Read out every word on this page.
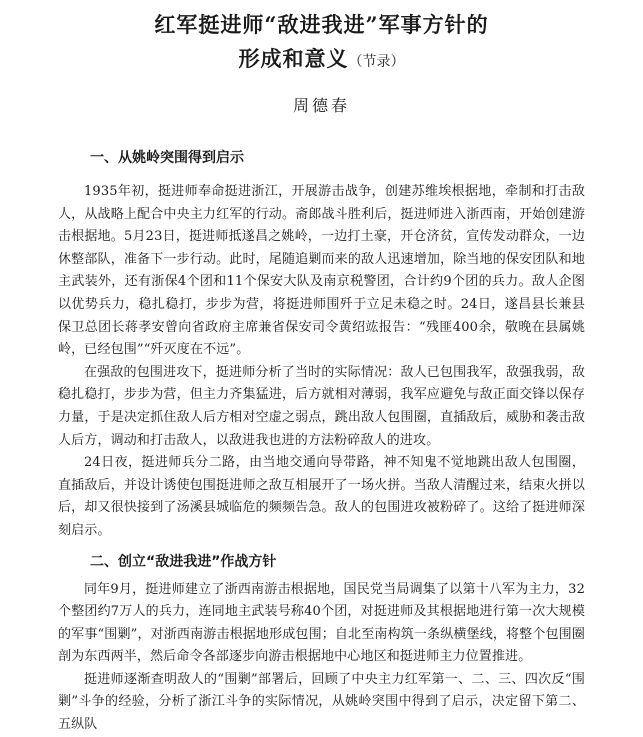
红军挺进师“敌进我进”军事方针的
形成和意义（节录）
周德春
一、从姚岭突围得到启示

1935年初，挺进师奉命挺进浙江，开展游击战争，创建苏维埃根据地，牵制和打击敌人，从战略上配合中央主力红军的行动。斋郎战斗胜利后，挺进师进入浙西南，开始创建游击根据地。5月23日，挺进师抵遂昌之姚岭，一边打土豪，开仓济贫，宣传发动群众，一边休整部队，准备下一步行动。此时，尾随追剿而来的敌人迅速增加，除当地的保安团队和地主武装外，还有浙保4个团和11个保安大队及南京税警团，合计约9个团的兵力。敌人企图以优势兵力，稳扎稳打，步步为营，将挺进师围歼于立足未稳之时。24日，遂昌县长兼县保卫总团长蒋孝安曾向省政府主席兼省保安司令黄绍竑报告：“残匪400余，敬晚在县属姚岭，已经包围”“歼灭度在不远”。

在强敌的包围进攻下，挺进师分析了当时的实际情况：敌人已包围我军，敌强我弱，敌稳扎稳打，步步为营，但主力齐集猛进，后方就相对薄弱，我军应避免与敌正面交锋以保存力量，于是决定抓住敌人后方相对空虚之弱点，跳出敌人包围圈，直插敌后，威胁和袭击敌人后方，调动和打击敌人，以敌进我也进的方法粉碎敌人的进攻。

24日夜，挺进师兵分二路，由当地交通向导带路，神不知鬼不觉地跳出敌人包围圈，直插敌后，并设计诱使包围挺进师之敌互相展开了一场火拼。当敌人清醒过来，结束火拼以后，却又很快接到了汤溪县城临危的频频告急。敌人的包围进攻被粉碎了。这给了挺进师深刻启示。

二、创立“敌进我进”作战方针

同年9月，挺进师建立了浙西南游击根据地，国民党当局调集了以第十八军为主力，32个整团约7万人的兵力，连同地主武装号称40个团，对挺进师及其根据地进行第一次大规模的军事“围剿”，对浙西南游击根据地形成包围；自北至南构筑一条纵横堡线，将整个包围圈剖为东西两半，然后命令各部逐步向游击根据地中心地区和挺进师主力位置推进。

挺进师逐渐查明敌人的“围剿”部署后，回顾了中央主力红军第一、二、三、四次反“围剿”斗争的经验，分析了浙江斗争的实际情况，从姚岭突围中得到了启示，决定留下第二、五纵队
